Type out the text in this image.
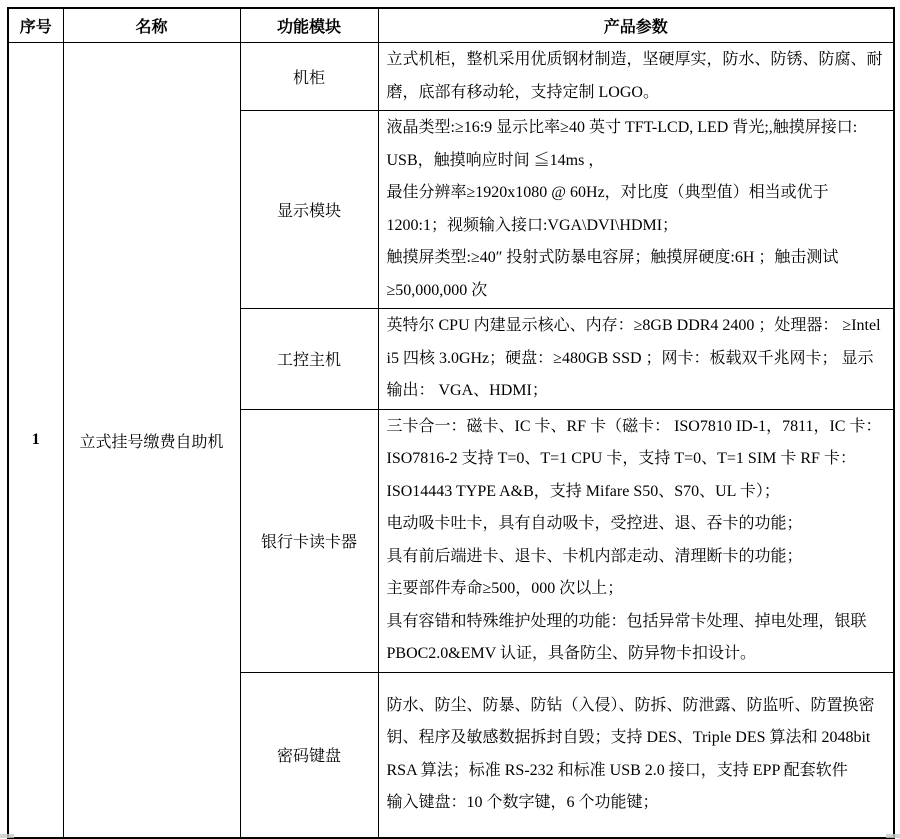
序号	名称	功能模块	产品参数
1	立式挂号缴费自助机	机柜	立式机柜，整机采用优质钢材制造，坚硬厚实，防水、防锈、防腐、耐磨，底部有移动轮，支持定制 LOGO。

		显示模块	液晶类型:≥16:9 显示比率≥40 英寸 TFT-LCD, LED 背光;,触摸屏接口: USB，触摸响应时间 ≦14ms ，
最佳分辨率≥1920x1080 @ 60Hz，对比度（典型值）相当或优于 1200:1；视频输入接口:VGA\DVI\HDMI；
触摸屏类型:≥40″ 投射式防暴电容屏；触摸屏硬度:6H ；触击测试≥50,000,000 次

		工控主机	英特尔 CPU 内建显示核心、内存：≥8GB DDR4 2400 ；处理器： ≥Intel i5 四核 3.0GHz；硬盘：≥480GB SSD ；网卡：板载双千兆网卡； 显示输出： VGA、HDMI；

		银行卡读卡器	三卡合一：磁卡、IC 卡、RF 卡（磁卡： ISO7810 ID-1，7811，IC 卡： ISO7816-2 支持 T=0、T=1 CPU 卡，支持 T=0、T=1 SIM 卡 RF 卡： ISO14443 TYPE A&B，支持 Mifare S50、S70、UL 卡）；
电动吸卡吐卡，具有自动吸卡，受控进、退、吞卡的功能；
具有前后端进卡、退卡、卡机内部走动、清理断卡的功能；
主要部件寿命≥500，000 次以上；
具有容错和特殊维护处理的功能：包括异常卡处理、掉电处理，银联 PBOC2.0&EMV 认证，具备防尘、防异物卡扣设计。

		密码键盘	防水、防尘、防暴、防钻（入侵）、防拆、防泄露、防监听、防置换密钥、程序及敏感数据拆封自毁；支持 DES、Triple DES 算法和 2048bit RSA 算法；标准 RS-232 和标准 USB 2.0 接口，支持 EPP 配套软件
输入键盘：10 个数字键，6 个功能键；
